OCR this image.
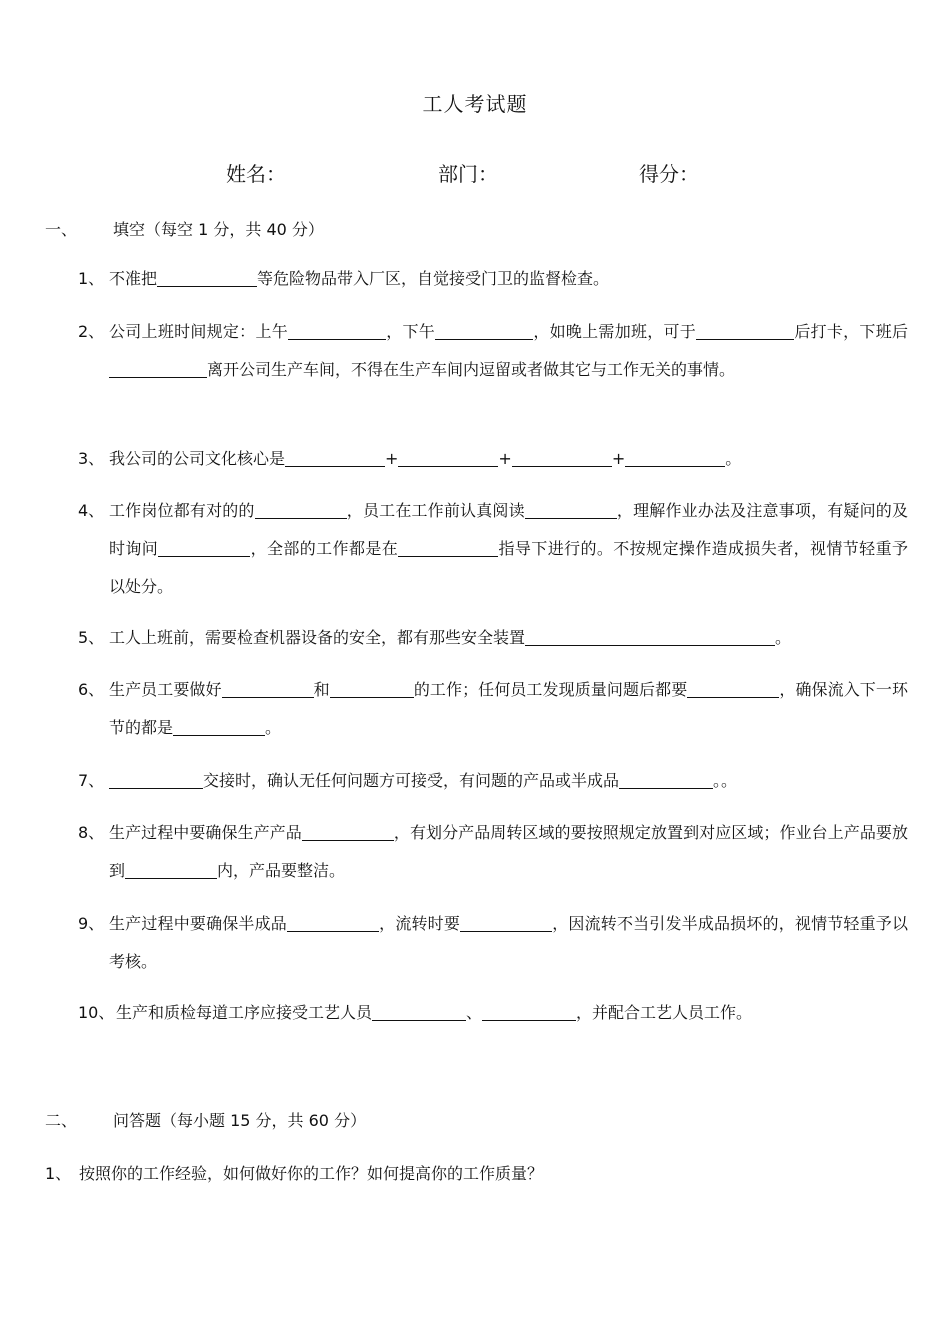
工人考试题
姓名：	部门：	得分：
一、 填空（每空 1 分，共 40 分）
1、 不准把	等危险物品带入厂区，自觉接受门卫的监督检查。
2、 公司上班时间规定：上午	，下午	，如晚上需加班，可于	后打卡，下班后离开公司生产车间，不得在生产车间内逗留或者做其它与工作无关的事情。
3、 我公司的公司文化核心是	+	+	+	。
4、 工作岗位都有对的的	，员工在工作前认真阅读	，理解作业办法及注意事项，有疑问的及时询问	，全部的工作都是在	指导下进行的。不按规定操作造成损失者，视情节轻重予以处分。
5、 工人上班前，需要检查机器设备的安全，都有那些安全装置	。
6、 生产员工要做好	和	的工作；任何员工发现质量问题后都要	，确保流入下一环节的都是	。
7、	交接时，确认无任何问题方可接受，有问题的产品或半成品	。。
8、 生产过程中要确保生产产品	，有划分产品周转区域的要按照规定放置到对应区域；作业台上产品要放到	内，产品要整洁。
9、 生产过程中要确保半成品	，流转时要	，因流转不当引发半成品损坏的，视情节轻重予以考核。
10、 生产和质检每道工序应接受工艺人员	、	，并配合工艺人员工作。
二、 问答题（每小题 15 分，共 60 分）
1、 按照你的工作经验，如何做好你的工作？如何提高你的工作质量？
